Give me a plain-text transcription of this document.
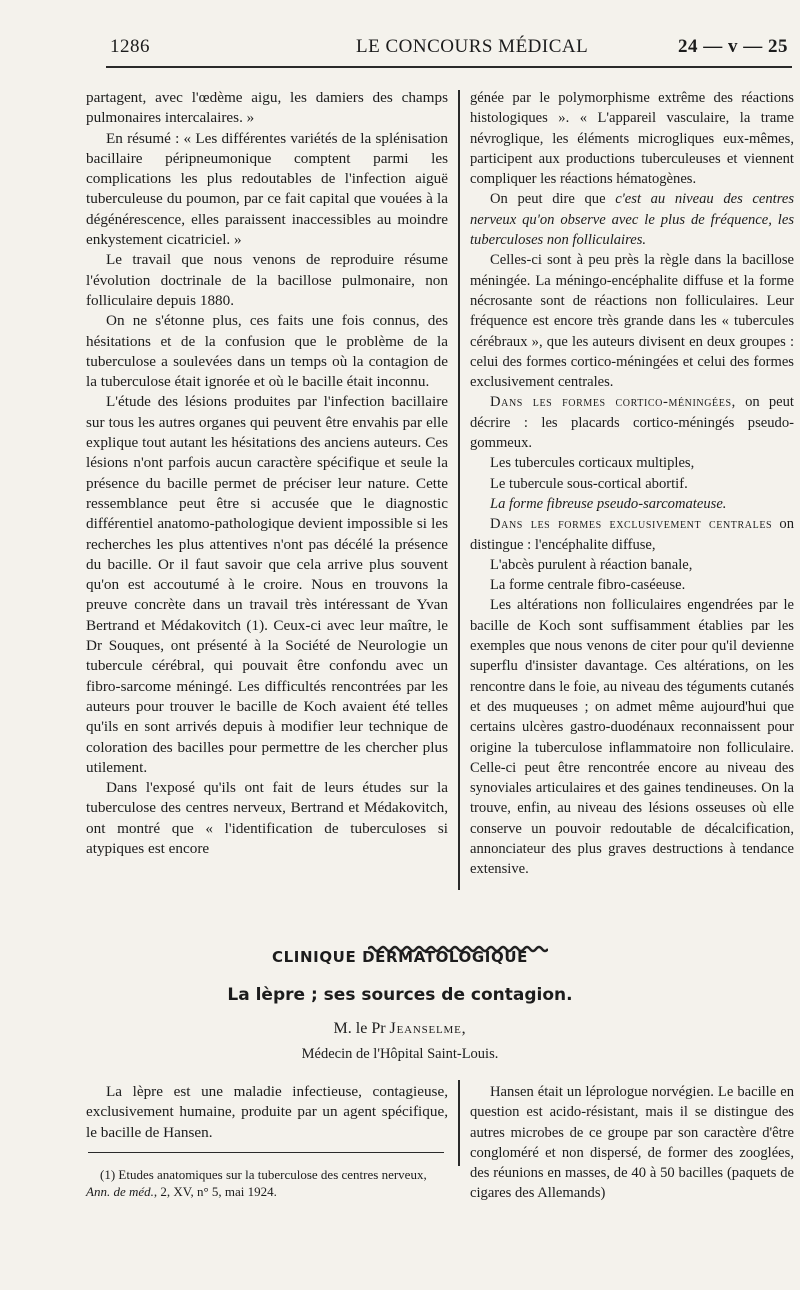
1286	LE CONCOURS MÉDICAL	24 — v — 25

partagent, avec l'œdème aigu, les damiers des champs pulmonaires intercalaires. »

En résumé : « Les différentes variétés de la splénisation bacillaire péripneumonique comptent parmi les complications les plus redoutables de l'infection aiguë tuberculeuse du poumon, par ce fait capital que vouées à la dégénérescence, elles paraissent inaccessibles au moindre enkystement cicatriciel. »

Le travail que nous venons de reproduire résume l'évolution doctrinale de la bacillose pulmonaire, non folliculaire depuis 1880.

On ne s'étonne plus, ces faits une fois connus, des hésitations et de la confusion que le problème de la tuberculose a soulevées dans un temps où la contagion de la tuberculose était ignorée et où le bacille était inconnu.

L'étude des lésions produites par l'infection bacillaire sur tous les autres organes qui peuvent être envahis par elle explique tout autant les hésitations des anciens auteurs. Ces lésions n'ont parfois aucun caractère spécifique et seule la présence du bacille permet de préciser leur nature. Cette ressemblance peut être si accusée que le diagnostic différentiel anatomo-pathologique devient impossible si les recherches les plus attentives n'ont pas décélé la présence du bacille. Or il faut savoir que cela arrive plus souvent qu'on est accoutumé à le croire. Nous en trouvons la preuve concrète dans un travail très intéressant de Yvan Bertrand et Médakovitch (1). Ceux-ci avec leur maître, le Dr Souques, ont présenté à la Société de Neurologie un tubercule cérébral, qui pouvait être confondu avec un fibro-sarcome méningé. Les difficultés rencontrées par les auteurs pour trouver le bacille de Koch avaient été telles qu'ils en sont arrivés depuis à modifier leur technique de coloration des bacilles pour permettre de les chercher plus utilement.

Dans l'exposé qu'ils ont fait de leurs études sur la tuberculose des centres nerveux, Bertrand et Médakovitch, ont montré que « l'identification de tuberculoses si atypiques est encore

génée par le polymorphisme extrême des réactions histologiques ». « L'appareil vasculaire, la trame névroglique, les éléments microgliques eux-mêmes, participent aux productions tuberculeuses et viennent compliquer les réactions hématogènes.

On peut dire que c'est au niveau des centres nerveux qu'on observe avec le plus de fréquence, les tuberculoses non folliculaires.

Celles-ci sont à peu près la règle dans la bacillose méningée. La méningo-encéphalite diffuse et la forme nécrosante sont de réactions non folliculaires. Leur fréquence est encore très grande dans les « tubercules cérébraux », que les auteurs divisent en deux groupes : celui des formes cortico-méningées et celui des formes exclusivement centrales.

Dans les formes cortico-méningées, on peut décrire : les placards cortico-méningés pseudo-gommeux.

Les tubercules corticaux multiples,

Le tubercule sous-cortical abortif.

La forme fibreuse pseudo-sarcomateuse.

Dans les formes exclusivement centrales on distingue : l'encéphalite diffuse,

L'abcès purulent à réaction banale,

La forme centrale fibro-caséeuse.

Les altérations non folliculaires engendrées par le bacille de Koch sont suffisamment établies par les exemples que nous venons de citer pour qu'il devienne superflu d'insister davantage. Ces altérations, on les rencontre dans le foie, au niveau des téguments cutanés et des muqueuses ; on admet même aujourd'hui que certains ulcères gastro-duodénaux reconnaissent pour origine la tuberculose inflammatoire non folliculaire. Celle-ci peut être rencontrée encore au niveau des synoviales articulaires et des gaines tendineuses. On la trouve, enfin, au niveau des lésions osseuses où elle conserve un pouvoir redoutable de décalcification, annonciateur des plus graves destructions à tendance extensive.

CLINIQUE DERMATOLOGIQUE
La lèpre ; ses sources de contagion.
M. le Pr Jeanselme,
Médecin de l'Hôpital Saint-Louis.

La lèpre est une maladie infectieuse, contagieuse, exclusivement humaine, produite par un agent spécifique, le bacille de Hansen.

(1) Etudes anatomiques sur la tuberculose des centres nerveux, Ann. de méd., 2, XV, n° 5, mai 1924.

Hansen était un léprologue norvégien. Le bacille en question est acido-résistant, mais il se distingue des autres microbes de ce groupe par son caractère d'être congloméré et non dispersé, de former des zooglées, des réunions en masses, de 40 à 50 bacilles (paquets de cigares des Allemands)
